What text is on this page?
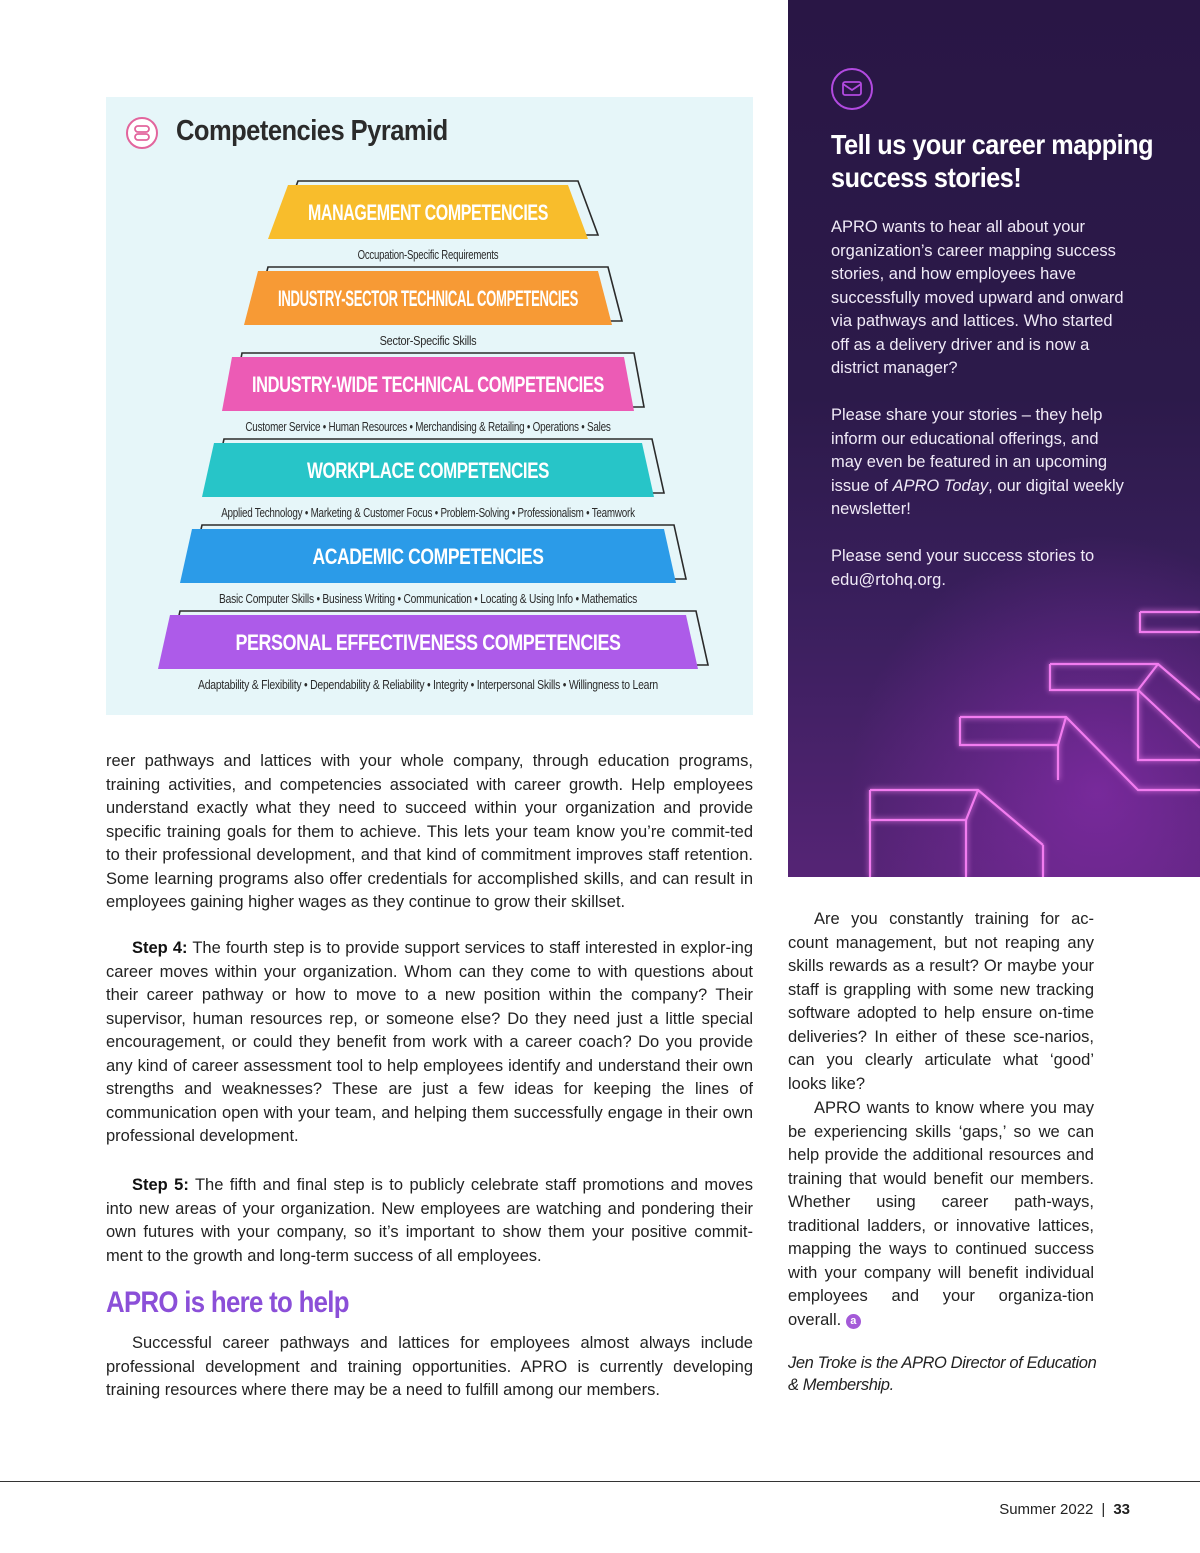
Competencies Pyramid
MANAGEMENT COMPETENCIES
Occupation-Specific Requirements
INDUSTRY-SECTOR TECHNICAL COMPETENCIES
Sector-Specific Skills
INDUSTRY-WIDE TECHNICAL COMPETENCIES
Customer Service • Human Resources • Merchandising & Retailing • Operations • Sales
WORKPLACE COMPETENCIES
Applied Technology • Marketing & Customer Focus • Problem-Solving • Professionalism • Teamwork
ACADEMIC COMPETENCIES
Basic Computer Skills • Business Writing • Communication • Locating & Using Info • Mathematics
PERSONAL EFFECTIVENESS COMPETENCIES
Adaptability & Flexibility • Dependability & Reliability • Integrity • Interpersonal Skills • Willingness to Learn

reer pathways and lattices with your whole company, through education programs, training activities, and competencies associated with career growth. Help employees understand exactly what they need to succeed within your organization and provide specific training goals for them to achieve. This lets your team know you’re commit-ted to their professional development, and that kind of commitment improves staff retention. Some learning programs also offer credentials for accomplished skills, and can result in employees gaining higher wages as they continue to grow their skillset.

Step 4: The fourth step is to provide support services to staff interested in explor-ing career moves within your organization. Whom can they come to with questions about their career pathway or how to move to a new position within the company? Their supervisor, human resources rep, or someone else? Do they need just a little special encouragement, or could they benefit from work with a career coach? Do you provide any kind of career assessment tool to help employees identify and understand their own strengths and weaknesses? These are just a few ideas for keeping the lines of communication open with your team, and helping them successfully engage in their own professional development.

Step 5: The fifth and final step is to publicly celebrate staff promotions and moves into new areas of your organization. New employees are watching and pondering their own futures with your company, so it’s important to show them your positive commit-ment to the growth and long-term success of all employees.

APRO is here to help

Successful career pathways and lattices for employees almost always include professional development and training opportunities. APRO is currently developing training resources where there may be a need to fulfill among our members.

Tell us your career mapping success stories!

APRO wants to hear all about your organization’s career mapping success stories, and how employees have successfully moved upward and onward via pathways and lattices. Who started off as a delivery driver and is now a district manager?

Please share your stories – they help inform our educational offerings, and may even be featured in an upcoming issue of APRO Today, our digital weekly newsletter!

Please send your success stories to edu@rtohq.org.

Are you constantly training for ac-count management, but not reaping any skills rewards as a result? Or maybe your staff is grappling with some new tracking software adopted to help ensure on-time deliveries? In either of these sce-narios, can you clearly articulate what ‘good’ looks like?

APRO wants to know where you may be experiencing skills ‘gaps,’ so we can help provide the additional resources and training that would benefit our members. Whether using career path-ways, traditional ladders, or innovative lattices, mapping the ways to continued success with your company will benefit individual employees and your organiza-tion overall. a

Jen Troke is the APRO Director of Education & Membership.

Summer 2022 | 33
